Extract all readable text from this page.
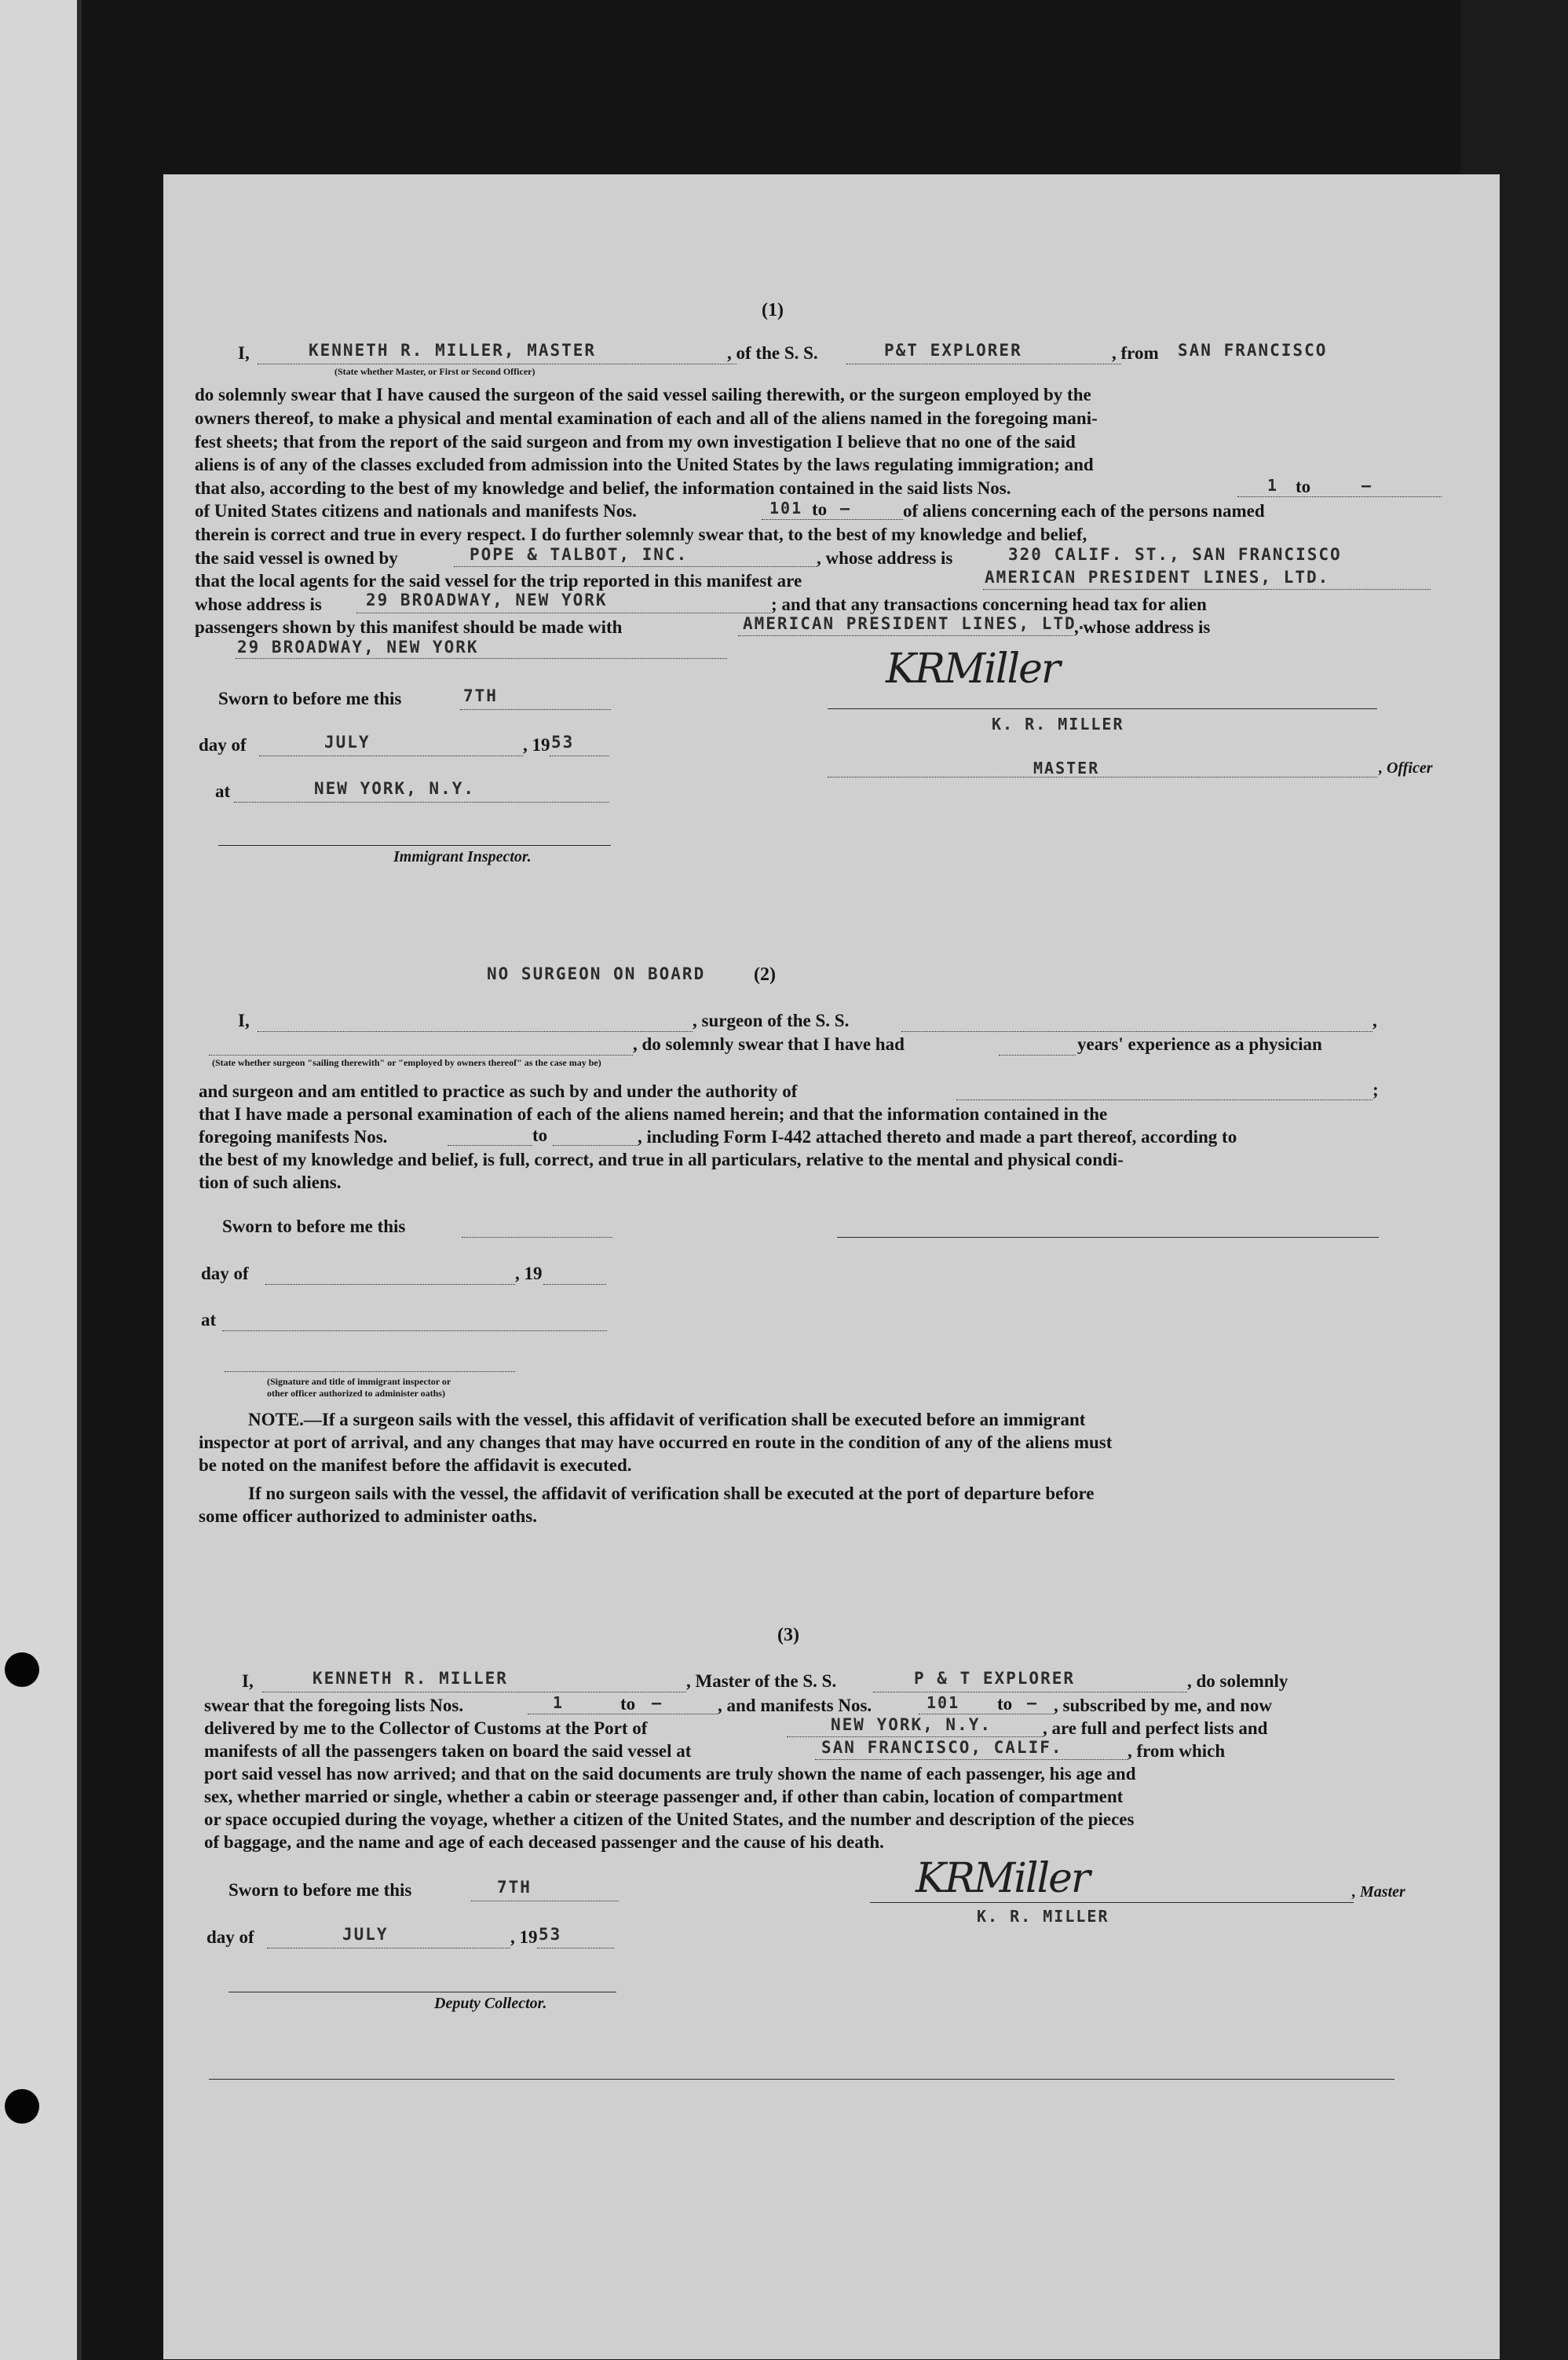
(1)
I,	KENNETH R. MILLER, MASTER
(State whether Master, or First or Second Officer)
, of the S. S.	P&T EXPLORER	, from SAN FRANCISCO
do solemnly swear that I have caused the surgeon of the said vessel sailing therewith, or the surgeon employed by the
owners thereof, to make a physical and mental examination of each and all of the aliens named in the foregoing mani-
fest sheets; that from the report of the said surgeon and from my own investigation I believe that no one of the said
aliens is of any of the classes excluded from admission into the United States by the laws regulating immigration; and
that also, according to the best of my knowledge and belief, the information contained in the said lists Nos.	1 to	—
of United States citizens and nationals and manifests Nos.	101 to —	of aliens concerning each of the persons named
therein is correct and true in every respect. I do further solemnly swear that, to the best of my knowledge and belief,
the said vessel is owned by	POPE & TALBOT, INC.	, whose address is	320 CALIF. ST., SAN FRANCISCO
that the local agents for the said vessel for the trip reported in this manifest are	AMERICAN PRESIDENT LINES, LTD.
whose address is	29 BROADWAY, NEW YORK	; and that any transactions concerning head tax for alien
passengers shown by this manifest should be made with	AMERICAN PRESIDENT LINES, LTD.
, whose address is
29 BROADWAY, NEW YORK
Sworn to before me this	7TH
day of	JULY	, 19 53
at	NEW YORK, N.Y.
Immigrant Inspector.
KRMiller
K. R. MILLER
MASTER	, Officer
NO SURGEON ON BOARD	(2)
I,	, surgeon of the S. S.	,
, do solemnly swear that I have had	years' experience as a physician
(State whether surgeon "sailing therewith" or "employed by owners thereof" as the case may be)
and surgeon and am entitled to practice as such by and under the authority of	;
that I have made a personal examination of each of the aliens named herein; and that the information contained in the
foregoing manifests Nos.	to	, including Form I-442 attached thereto and made a part thereof, according to
the best of my knowledge and belief, is full, correct, and true in all particulars, relative to the mental and physical condi-
tion of such aliens.
Sworn to before me this
day of	, 19
at
(Signature and title of immigrant inspector or
other officer authorized to administer oaths)
NOTE.—If a surgeon sails with the vessel, this affidavit of verification shall be executed before an immigrant
inspector at port of arrival, and any changes that may have occurred en route in the condition of any of the aliens must
be noted on the manifest before the affidavit is executed.
If no surgeon sails with the vessel, the affidavit of verification shall be executed at the port of departure before
some officer authorized to administer oaths.
(3)
I,	KENNETH R. MILLER	, Master of the S. S.	P & T EXPLORER	, do solemnly
swear that the foregoing lists Nos.	1	to —	, and manifests Nos.	101 to — , subscribed by me, and now
delivered by me to the Collector of Customs at the Port of	NEW YORK, N.Y.	, are full and perfect lists and
manifests of all the passengers taken on board the said vessel at	SAN FRANCISCO, CALIF.	, from which
port said vessel has now arrived; and that on the said documents are truly shown the name of each passenger, his age and
sex, whether married or single, whether a cabin or steerage passenger and, if other than cabin, location of compartment
or space occupied during the voyage, whether a citizen of the United States, and the number and description of the pieces
of baggage, and the name and age of each deceased passenger and the cause of his death.
Sworn to before me this	7TH
day of	JULY	, 19 53
Deputy Collector.
KRMiller
K. R. MILLER
, Master
